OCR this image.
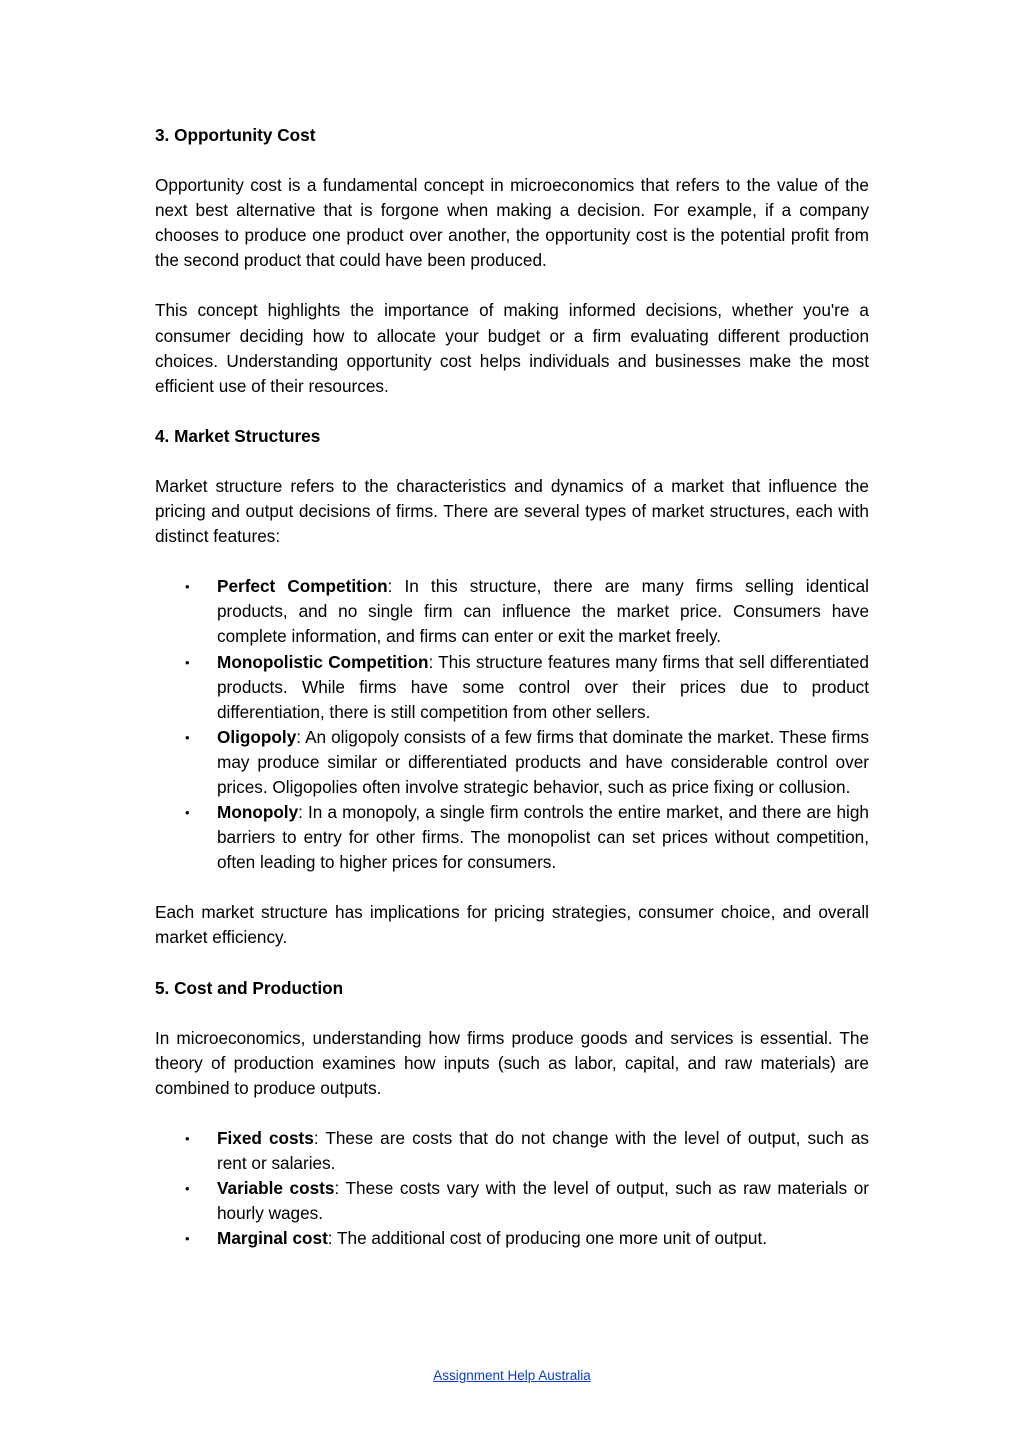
3. Opportunity Cost

Opportunity cost is a fundamental concept in microeconomics that refers to the value of the next best alternative that is forgone when making a decision. For example, if a company chooses to produce one product over another, the opportunity cost is the potential profit from the second product that could have been produced.

This concept highlights the importance of making informed decisions, whether you're a consumer deciding how to allocate your budget or a firm evaluating different production choices. Understanding opportunity cost helps individuals and businesses make the most efficient use of their resources.

4. Market Structures

Market structure refers to the characteristics and dynamics of a market that influence the pricing and output decisions of firms. There are several types of market structures, each with distinct features:

• Perfect Competition: In this structure, there are many firms selling identical products, and no single firm can influence the market price. Consumers have complete information, and firms can enter or exit the market freely.
• Monopolistic Competition: This structure features many firms that sell differentiated products. While firms have some control over their prices due to product differentiation, there is still competition from other sellers.
• Oligopoly: An oligopoly consists of a few firms that dominate the market. These firms may produce similar or differentiated products and have considerable control over prices. Oligopolies often involve strategic behavior, such as price fixing or collusion.
• Monopoly: In a monopoly, a single firm controls the entire market, and there are high barriers to entry for other firms. The monopolist can set prices without competition, often leading to higher prices for consumers.

Each market structure has implications for pricing strategies, consumer choice, and overall market efficiency.

5. Cost and Production

In microeconomics, understanding how firms produce goods and services is essential. The theory of production examines how inputs (such as labor, capital, and raw materials) are combined to produce outputs.

• Fixed costs: These are costs that do not change with the level of output, such as rent or salaries.
• Variable costs: These costs vary with the level of output, such as raw materials or hourly wages.
• Marginal cost: The additional cost of producing one more unit of output.
Assignment Help Australia
